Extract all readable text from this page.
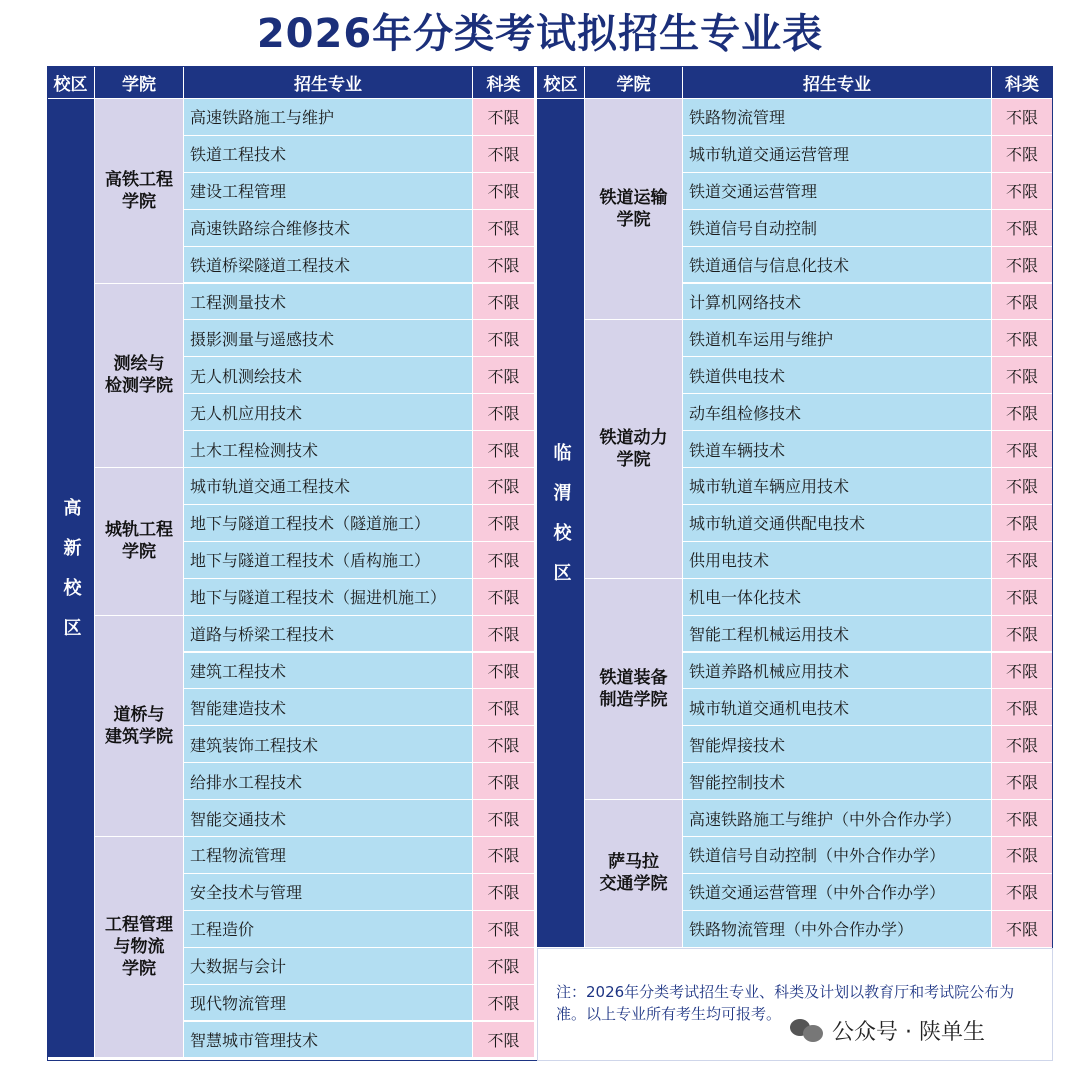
2026年分类考试拟招生专业表
校区	学院	招生专业	科类
高新校区
高铁工程
学院
高速铁路施工与维护	不限
铁道工程技术	不限
建设工程管理	不限
高速铁路综合维修技术	不限
铁道桥梁隧道工程技术	不限
测绘与
检测学院
工程测量技术	不限
摄影测量与遥感技术	不限
无人机测绘技术	不限
无人机应用技术	不限
土木工程检测技术	不限
城轨工程
学院
城市轨道交通工程技术	不限
地下与隧道工程技术（隧道施工）	不限
地下与隧道工程技术（盾构施工）	不限
地下与隧道工程技术（掘进机施工）	不限
道桥与
建筑学院
道路与桥梁工程技术	不限
建筑工程技术	不限
智能建造技术	不限
建筑装饰工程技术	不限
给排水工程技术	不限
智能交通技术	不限
工程管理
与物流
学院
工程物流管理	不限
安全技术与管理	不限
工程造价	不限
大数据与会计	不限
现代物流管理	不限
智慧城市管理技术	不限
校区	学院	招生专业	科类
临渭校区
铁道运输
学院
铁路物流管理	不限
城市轨道交通运营管理	不限
铁道交通运营管理	不限
铁道信号自动控制	不限
铁道通信与信息化技术	不限
计算机网络技术	不限
铁道动力
学院
铁道机车运用与维护	不限
铁道供电技术	不限
动车组检修技术	不限
铁道车辆技术	不限
城市轨道车辆应用技术	不限
城市轨道交通供配电技术	不限
供用电技术	不限
铁道装备
制造学院
机电一体化技术	不限
智能工程机械运用技术	不限
铁道养路机械应用技术	不限
城市轨道交通机电技术	不限
智能焊接技术	不限
智能控制技术	不限
萨马拉
交通学院
高速铁路施工与维护（中外合作办学）	不限
铁道信号自动控制（中外合作办学）	不限
铁道交通运营管理（中外合作办学）	不限
铁路物流管理（中外合作办学）	不限
注：2026年分类考试招生专业、科类及计划以教育厅和考试院公布为准。以上专业所有考生均可报考。
公众号 · 陕单生
